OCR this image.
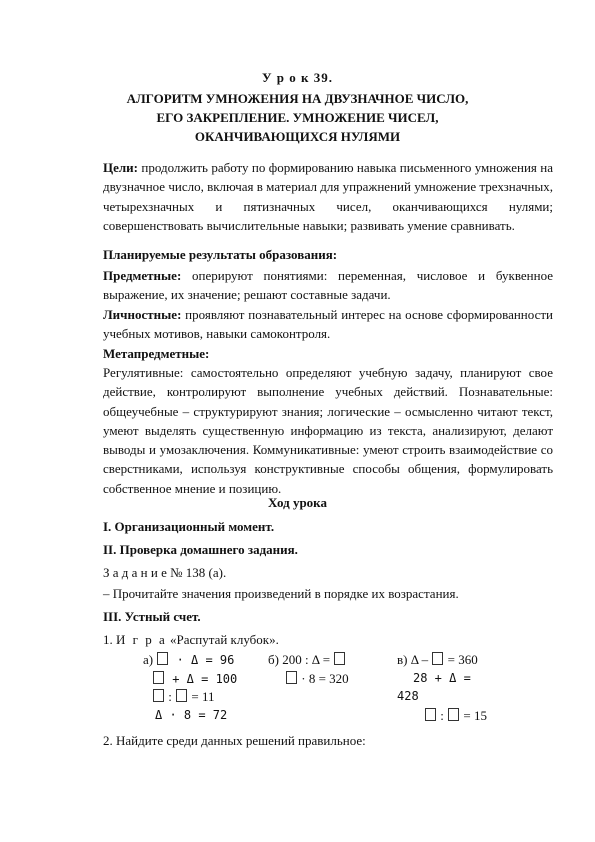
У р о к 39.
АЛГОРИТМ УМНОЖЕНИЯ НА ДВУЗНАЧНОЕ ЧИСЛО,
ЕГО ЗАКРЕПЛЕНИЕ. УМНОЖЕНИЕ ЧИСЕЛ,
ОКАНЧИВАЮЩИХСЯ НУЛЯМИ
Цели: продолжить работу по формированию навыка письменного умножения на двузначное число, включая в материал для упражнений умножение трехзначных, четырехзначных и пятизначных чисел, оканчивающихся нулями; совершенствовать вычислительные навыки; развивать умение сравнивать.
Планируемые результаты образования:
Предметные: оперируют понятиями: переменная, числовое и буквенное выражение, их значение; решают составные задачи.
Личностные: проявляют познавательный интерес на основе сформированности учебных мотивов, навыки самоконтроля.
Метапредметные:
Регулятивные: самостоятельно определяют учебную задачу, планируют свое действие, контролируют выполнение учебных действий. Познавательные: общеучебные – структурируют знания; логические – осмысленно читают текст, умеют выделять существенную информацию из текста, анализируют, делают выводы и умозаключения. Коммуникативные: умеют строить взаимодействие со сверстниками, используя конструктивные способы общения, формулировать собственное мнение и позицию.
Ход урока
I. Организационный момент.
II. Проверка домашнего задания.
З а д а н и е № 138 (а).
– Прочитайте значения произведений в порядке их возрастания.
III. Устный счет.
1. И г р а «Распутай клубок».
а)  · Δ = 96
+ Δ = 100
:  = 11
Δ · 8 = 72
б) 200 : Δ =
· 8 = 320
в) Δ –  = 360
28 + Δ =
428
:  = 15
2. Найдите среди данных решений правильное:
